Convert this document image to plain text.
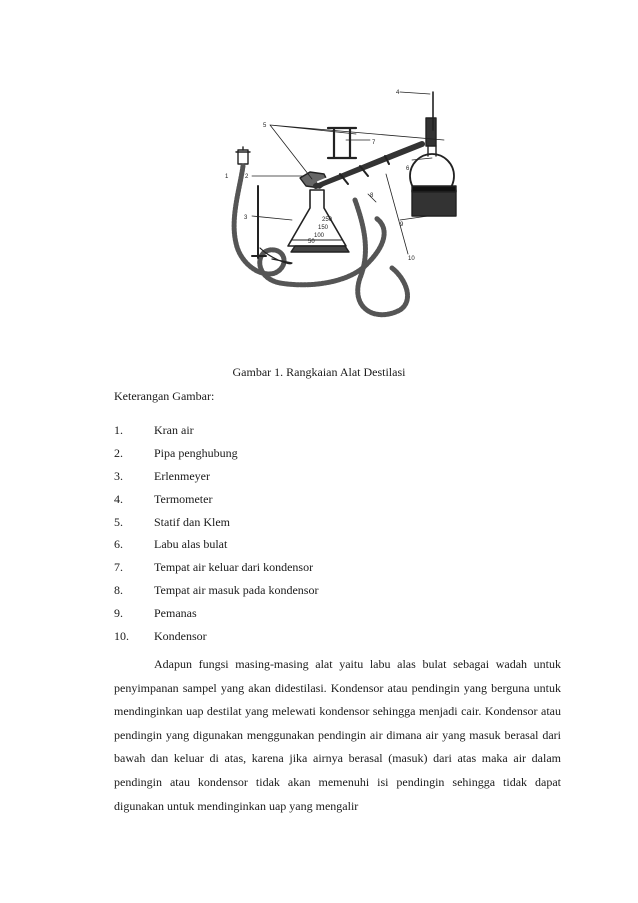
250
150
100
50
1	2
3
4
5
6
7
8
9
10
Gambar 1. Rangkaian Alat Destilasi
Keterangan Gambar:
1.	Kran air
2.	Pipa penghubung
3.	Erlenmeyer
4.	Termometer
5.	Statif dan Klem
6.	Labu alas bulat
7.	Tempat air keluar dari kondensor
8.	Tempat air masuk pada kondensor
9.	Pemanas
10. Kondensor
Adapun fungsi masing-masing alat yaitu labu alas bulat sebagai wadah untuk penyimpanan sampel yang akan didestilasi. Kondensor atau pendingin yang berguna untuk mendinginkan uap destilat yang melewati kondensor sehingga menjadi cair. Kondensor atau pendingin yang digunakan menggunakan pendingin air dimana air yang masuk berasal dari bawah dan keluar di atas, karena jika airnya berasal (masuk) dari atas maka air dalam pendingin atau kondensor tidak akan memenuhi isi pendingin sehingga tidak dapat digunakan untuk mendinginkan uap yang mengalir
